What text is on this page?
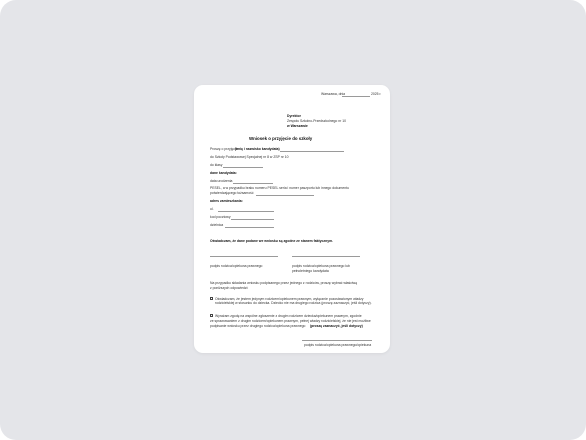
Warszawa, dnia	2025 r.
Dyrektor
Zespołu Szkolno-Przedszkolnego nr 10
w Warszawie
Wniosek o przyjęcie do szkoły
Proszę o przyjęcie
(imię i nazwisko kandydata)
do Szkoły Podstawowej Specjalnej nr 8 w ZSP nr 10
do klasy
dane kandydata:
data urodzenia
PESEL, a w przypadku braku numeru PESEL seria i numer paszportu lub innego dokumentu
potwierdzającego tożsamość
adres zamieszkania:
ul.
kod pocztowy
dzielnica
Oświadczam, że dane podane we wniosku są zgodne ze stanem faktycznym.
podpis rodzica/opiekuna prawnego	podpis rodzica/opiekuna prawnego lub
pełnoletniego kandydata
Na przypadku składania wniosku podpisanego przez jednego z rodziców, proszę wybrać właściwą
z poniższych odpowiedzi:
Oświadczam, że jestem jedynym rodzicem/opiekunem prawnym, wyłącznie pozostawionym władzy rodzicielskiej w stosunku do dziecka. Dziecko nie ma drugiego rodzica (proszę zaznaczyć, jeśli dotyczy).
Wyrażam zgodę na wspólne zgłoszenie z drugim rodzicem dziecka/opiekunem prawnym, zgodnie
ze sprawowaniem z drugim rodzicem/opiekunem prawnym, pełnej władzy rodzicielskiej, że nie jest możliwe
podpisanie wniosku przez drugiego rodzica/opiekuna prawnego (proszę zaznaczyć, jeśli dotyczy)
podpis rodzica/opiekuna prawnego/opiekuna
